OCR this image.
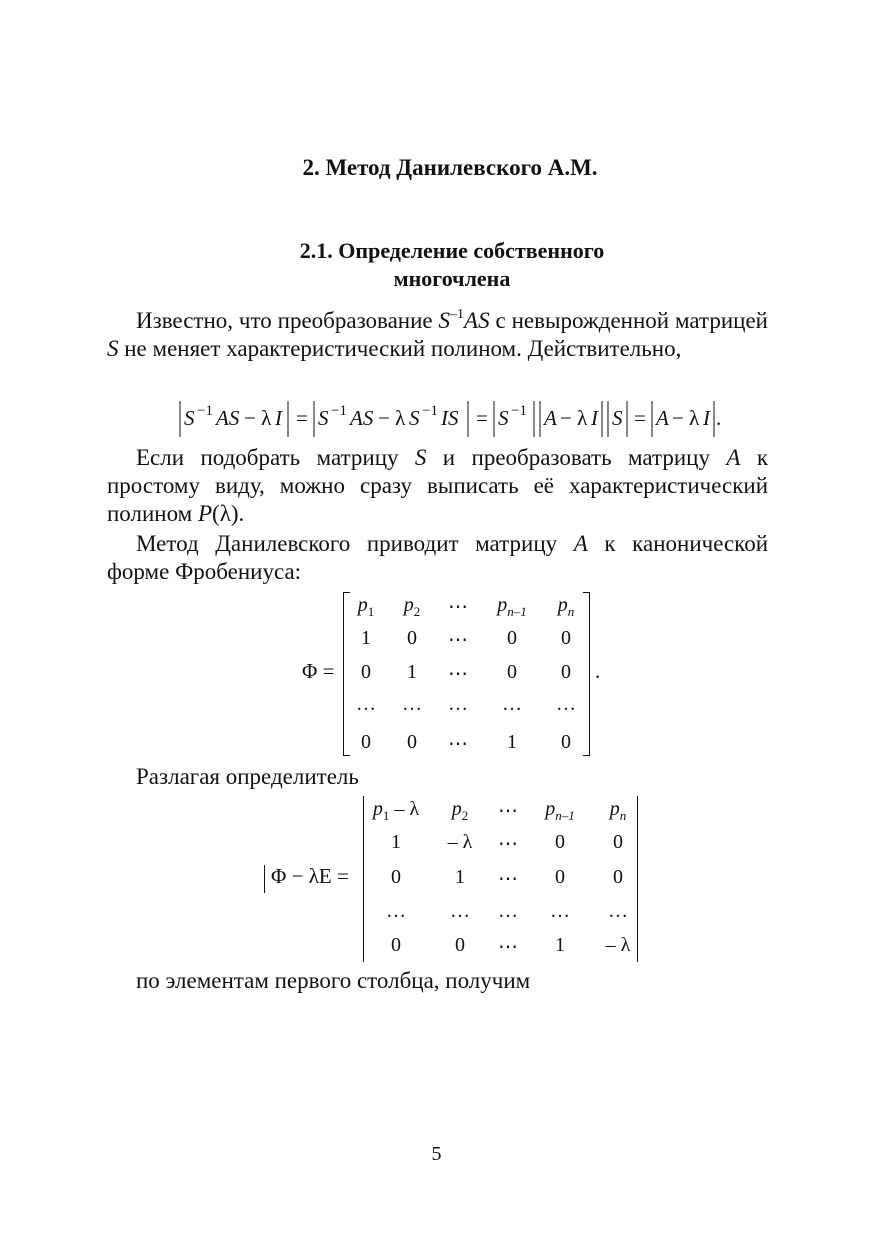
2. Метод Данилевского А.М.
2.1. Определение собственного
многочлена
Известно, что преобразование $S^{-1}AS$ с невырожденной матрицей S не меняет характеристический полином. Действительно,
S −1 AS − λ I = S −1 AS − λ S −1 IS = S −1 A − λ I S = A − λ I .
Если подобрать матрицу S и преобразовать матрицу A к простому виду, можно сразу выписать её характеристический полином P(λ).
Метод Данилевского приводит матрицу A к канонической форме Фробениуса:
Φ =	.
$p_1$	$p_2$	⋯	$p_{n-1}$	$p_n$
1	0	⋯	0	0
0	1	⋯	0	0
…	…	…	…	…
0	0	⋯	1	0
Разлагая определитель
Φ − λE =
$p_1$ – λ	$p_2$	⋯	$p_{n-1}$	$p_n$
1	– λ	⋯	0	0
0	1	⋯	0	0
…	…	…	…	…
0	0	⋯	1	– λ
по элементам первого столбца, получим
5
